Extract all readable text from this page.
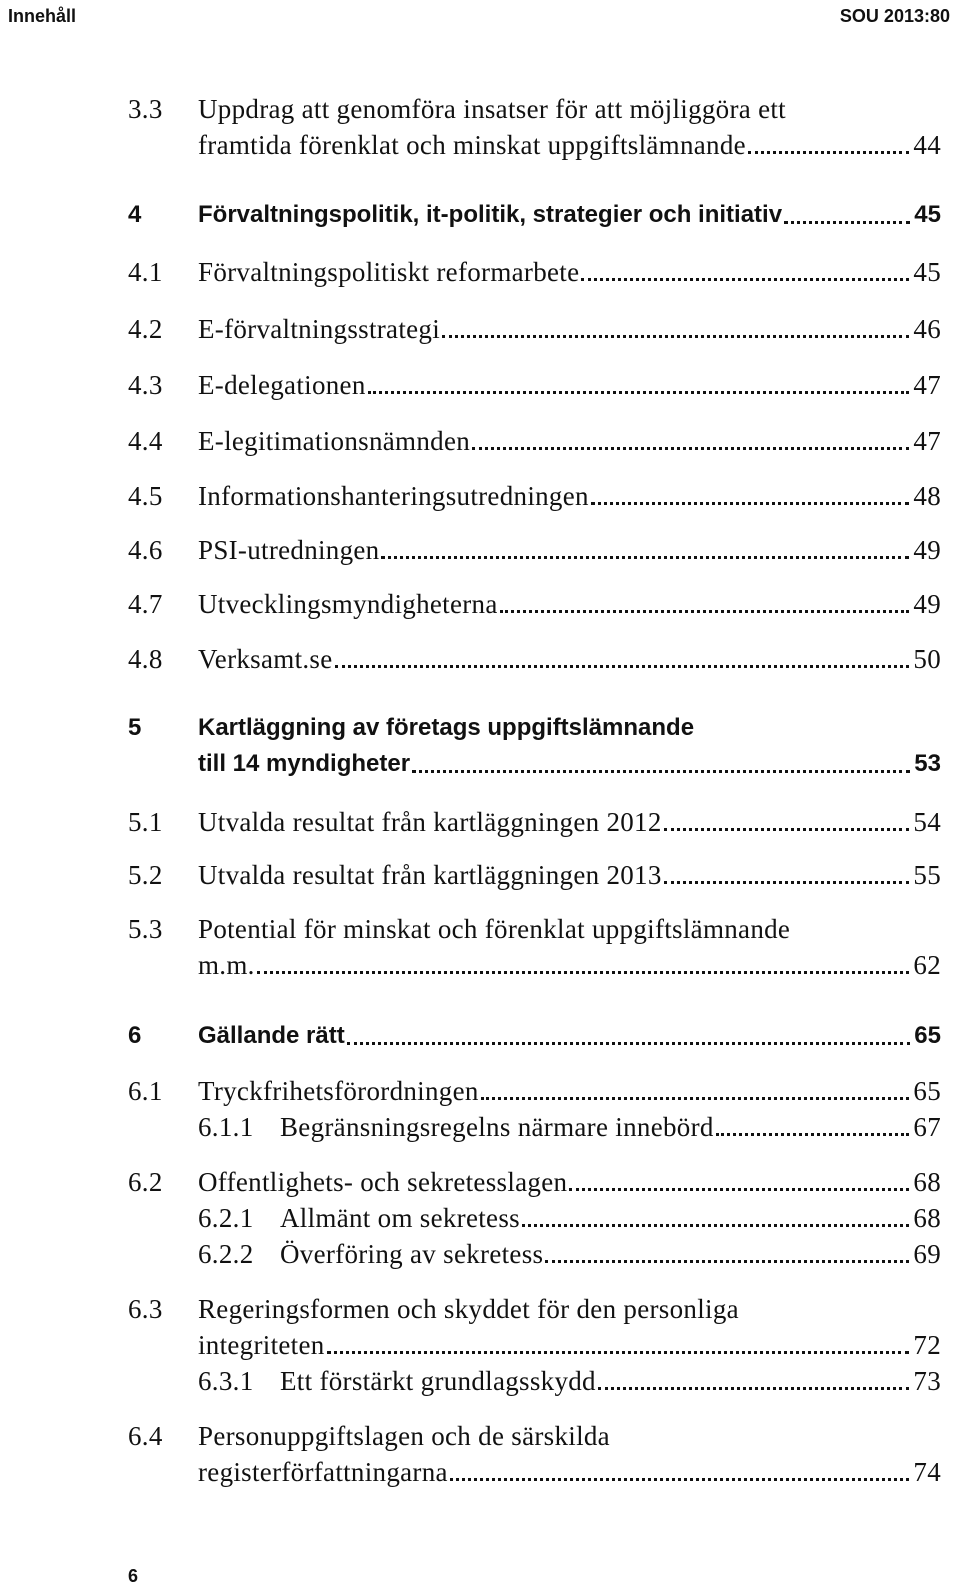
Innehåll	SOU 2013:80
3.3 Uppdrag att genomföra insatser för att möjliggöra ett
framtida förenklat och minskat uppgiftslämnande	44
4 Förvaltningspolitik, it-politik, strategier och initiativ	45
4.1 Förvaltningspolitiskt reformarbete	45
4.2 E-förvaltningsstrategi	46
4.3 E-delegationen	47
4.4 E-legitimationsnämnden	47
4.5 Informationshanteringsutredningen	48
4.6 PSI-utredningen	49
4.7 Utvecklingsmyndigheterna	49
4.8 Verksamt.se	50
5 Kartläggning av företags uppgiftslämnande
till 14 myndigheter	53
5.1 Utvalda resultat från kartläggningen 2012	54
5.2 Utvalda resultat från kartläggningen 2013	55
5.3 Potential för minskat och förenklat uppgiftslämnande
m.m.	62
6 Gällande rätt	65
6.1 Tryckfrihetsförordningen	65
6.1.1 Begränsningsregelns närmare innebörd	67
6.2 Offentlighets- och sekretesslagen	68
6.2.1 Allmänt om sekretess	68
6.2.2 Överföring av sekretess	69
6.3 Regeringsformen och skyddet för den personliga
integriteten	72
6.3.1 Ett förstärkt grundlagsskydd	73
6.4 Personuppgiftslagen och de särskilda
registerförfattningarna	74
6
